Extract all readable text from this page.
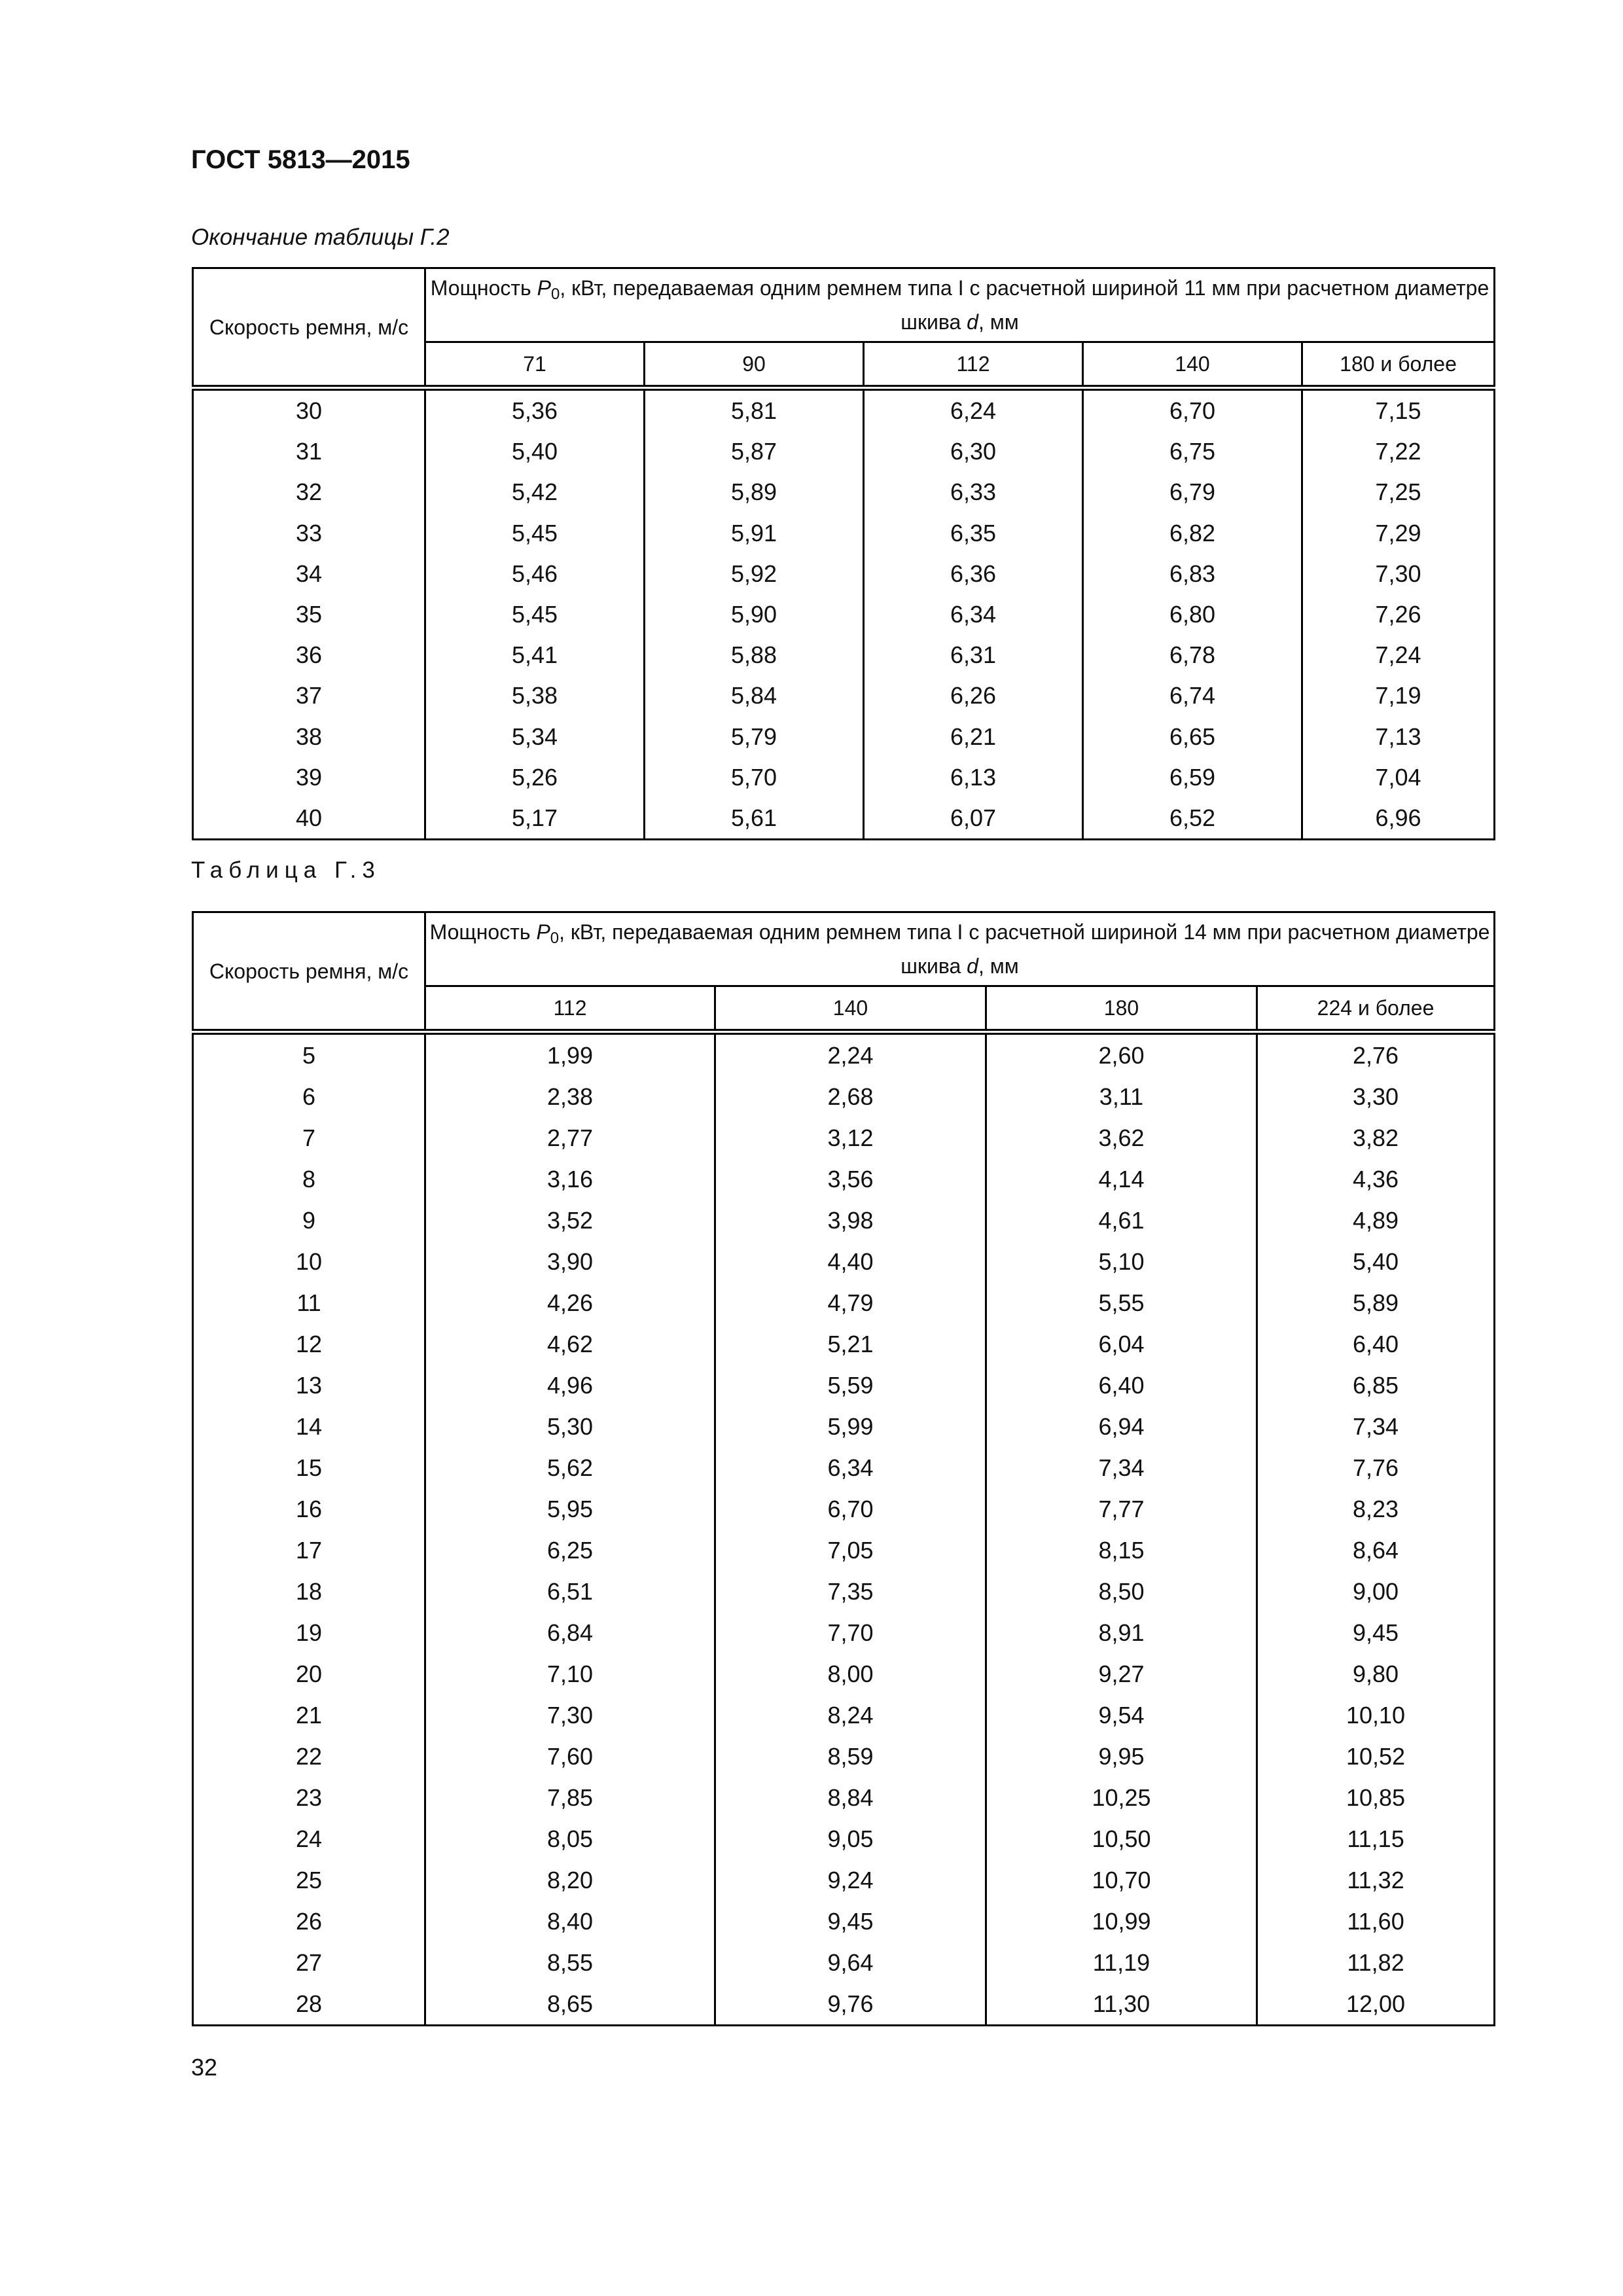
ГОСТ 5813—2015

Окончание таблицы Г.2

Скорость ремня, м/с	Мощность $P_0$, кВт, передаваемая одним ремнем типа I с расчетной шириной 11 мм при расчетном диаметре шкива d, мм				
	71	90	112	140	180 и более
30	5,36	5,81	6,24	6,70	7,15
31	5,40	5,87	6,30	6,75	7,22
32	5,42	5,89	6,33	6,79	7,25
33	5,45	5,91	6,35	6,82	7,29
34	5,46	5,92	6,36	6,83	7,30
35	5,45	5,90	6,34	6,80	7,26
36	5,41	5,88	6,31	6,78	7,24
37	5,38	5,84	6,26	6,74	7,19
38	5,34	5,79	6,21	6,65	7,13
39	5,26	5,70	6,13	6,59	7,04
40	5,17	5,61	6,07	6,52	6,96

Таблица Г.3

Скорость ремня, м/с	Мощность $P_0$, кВт, передаваемая одним ремнем типа I с расчетной шириной 14 мм при расчетном диаметре шкива d, мм			
	112	140	180	224 и более
5	1,99	2,24	2,60	2,76
6	2,38	2,68	3,11	3,30
7	2,77	3,12	3,62	3,82
8	3,16	3,56	4,14	4,36
9	3,52	3,98	4,61	4,89
10	3,90	4,40	5,10	5,40
11	4,26	4,79	5,55	5,89
12	4,62	5,21	6,04	6,40
13	4,96	5,59	6,40	6,85
14	5,30	5,99	6,94	7,34
15	5,62	6,34	7,34	7,76
16	5,95	6,70	7,77	8,23
17	6,25	7,05	8,15	8,64
18	6,51	7,35	8,50	9,00
19	6,84	7,70	8,91	9,45
20	7,10	8,00	9,27	9,80
21	7,30	8,24	9,54	10,10
22	7,60	8,59	9,95	10,52
23	7,85	8,84	10,25	10,85
24	8,05	9,05	10,50	11,15
25	8,20	9,24	10,70	11,32
26	8,40	9,45	10,99	11,60
27	8,55	9,64	11,19	11,82
28	8,65	9,76	11,30	12,00

32
